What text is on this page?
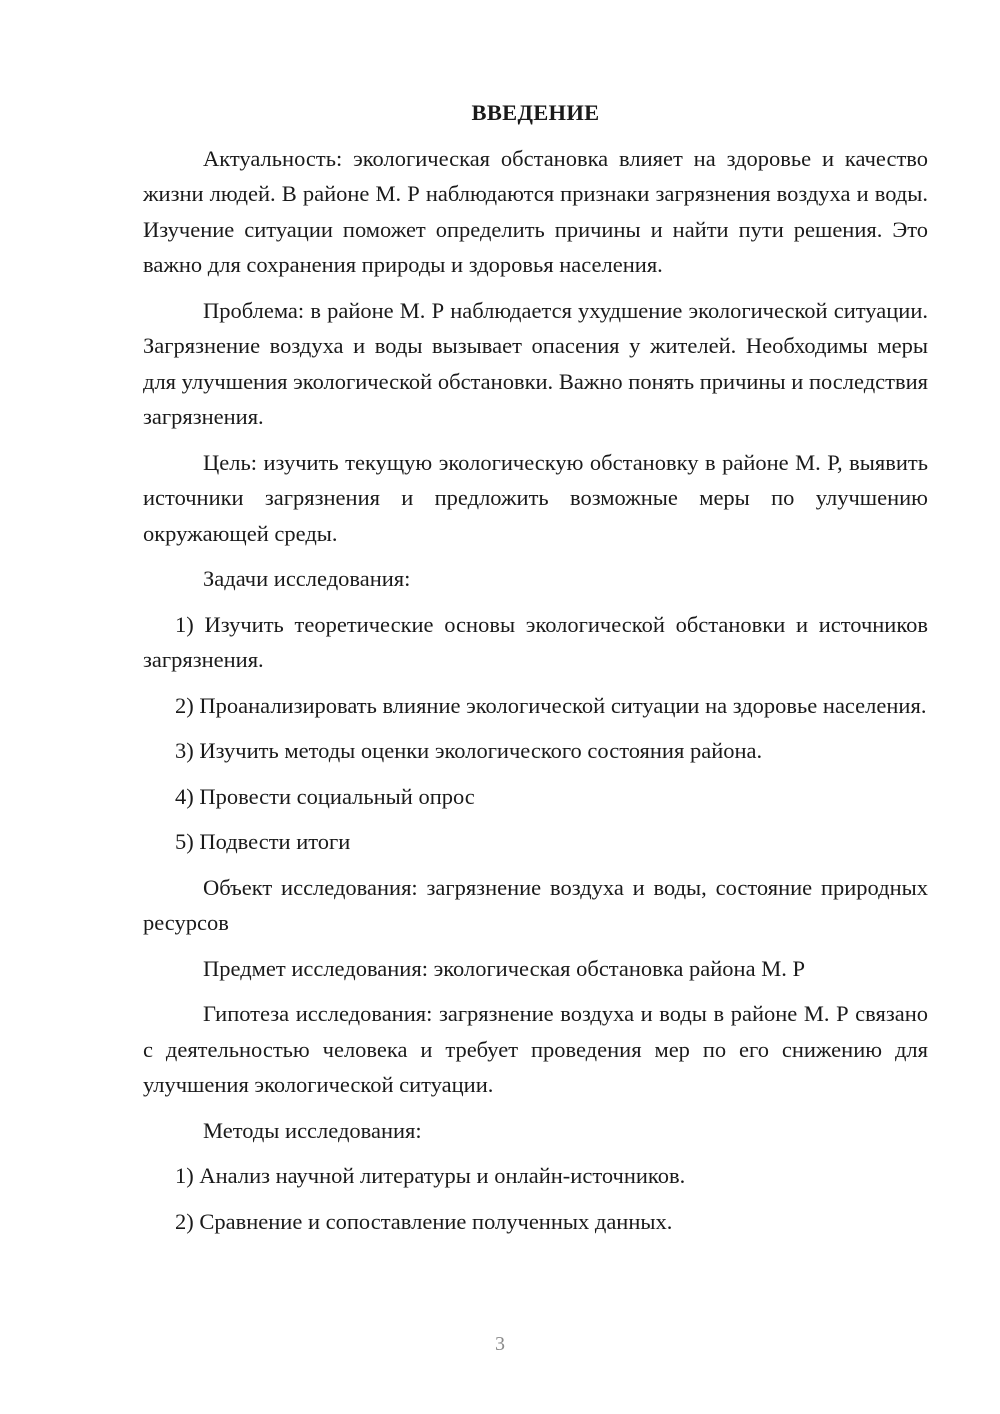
ВВЕДЕНИЕ

Актуальность: экологическая обстановка влияет на здоровье и качество жизни людей. В районе М. Р наблюдаются признаки загрязнения воздуха и воды. Изучение ситуации поможет определить причины и найти пути решения. Это важно для сохранения природы и здоровья населения.

Проблема: в районе М. Р наблюдается ухудшение экологической ситуации. Загрязнение воздуха и воды вызывает опасения у жителей. Необходимы меры для улучшения экологической обстановки. Важно понять причины и последствия загрязнения.

Цель: изучить текущую экологическую обстановку в районе М. Р, выявить источники загрязнения и предложить возможные меры по улучшению окружающей среды.

Задачи исследования:

1) Изучить теоретические основы экологической обстановки и источников загрязнения.

2) Проанализировать влияние экологической ситуации на здоровье населения.

3) Изучить методы оценки экологического состояния района.

4) Провести социальный опрос

5) Подвести итоги

Объект исследования: загрязнение воздуха и воды, состояние природных ресурсов

Предмет исследования: экологическая обстановка района М. Р

Гипотеза исследования: загрязнение воздуха и воды в районе М. Р связано с деятельностью человека и требует проведения мер по его снижению для улучшения экологической ситуации.

Методы исследования:

1) Анализ научной литературы и онлайн-источников.

2) Сравнение и сопоставление полученных данных.

3
